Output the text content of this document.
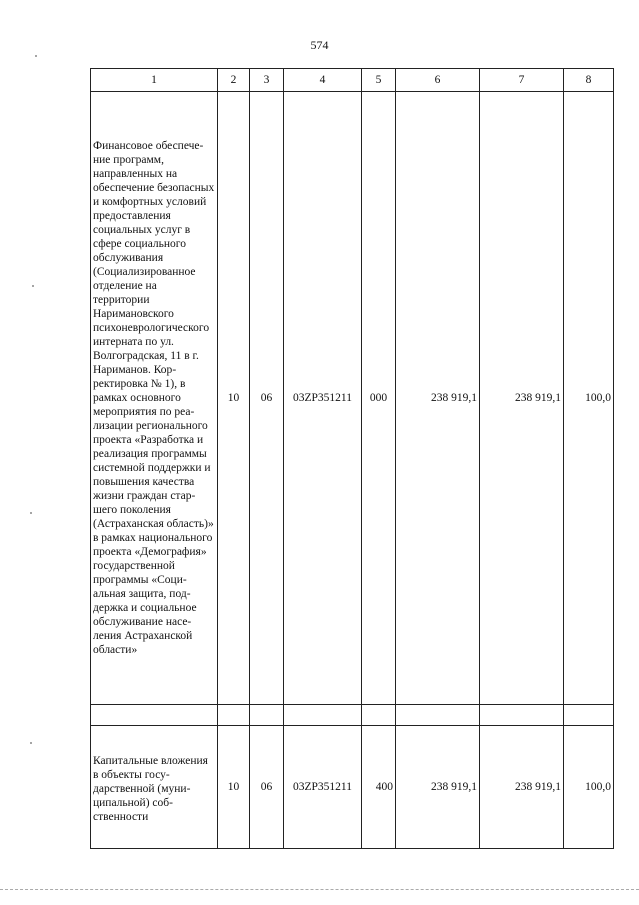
574
1	2	3	4	5	6	7	8
Финансовое обеспечение программ, направленных на обеспечение безопасных и комфортных условий предоставления социальных услуг в сфере социального обслуживания (Социализированное отделение на территории Наримановского психоневрологического интерната по ул. Волгоградская, 11 в г. Нариманов. Корректировка № 1), в рамках основного мероприятия по реализации регионального проекта «Разработка и реализация программы системной поддержки и повышения качества жизни граждан старшего поколения (Астраханская область)» в рамках национального проекта «Демография» государственной программы «Социальная защита, поддержка и социальное обслуживание населения Астраханской области»	10	06	03ZP351211	000	238 919,1	238 919,1	100,0

Капитальные вложения в объекты государственной (муниципальной) собственности	10	06	03ZP351211	400	238 919,1	238 919,1	100,0
